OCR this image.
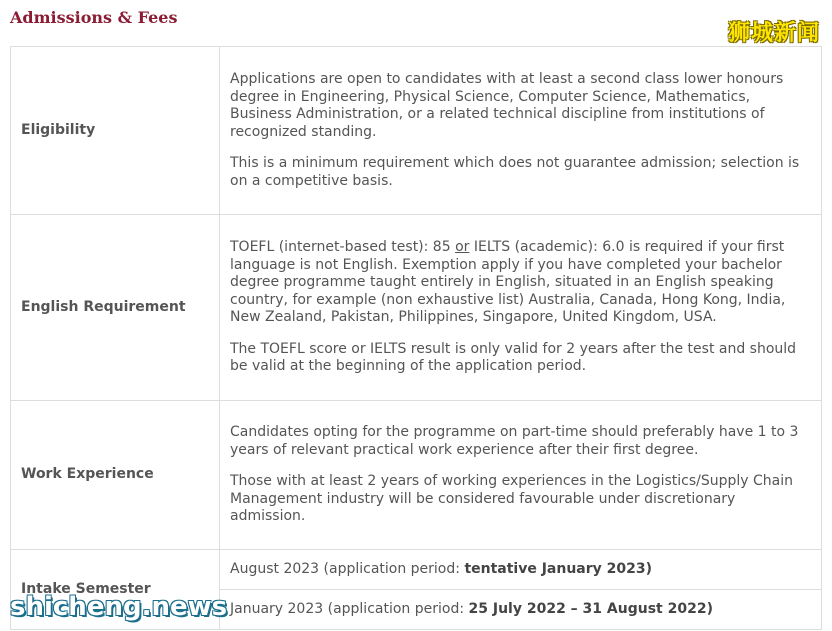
Admissions & Fees
狮城新闻
Eligibility	Applications are open to candidates with at least a second class lower honours degree in Engineering, Physical Science, Computer Science, Mathematics, Business Administration, or a related technical discipline from institutions of recognized standing.

This is a minimum requirement which does not guarantee admission; selection is on a competitive basis.

English Requirement	TOEFL (internet-based test): 85 or IELTS (academic): 6.0 is required if your first language is not English. Exemption apply if you have completed your bachelor degree programme taught entirely in English, situated in an English speaking country, for example (non exhaustive list) Australia, Canada, Hong Kong, India, New Zealand, Pakistan, Philippines, Singapore, United Kingdom, USA.

The TOEFL score or IELTS result is only valid for 2 years after the test and should be valid at the beginning of the application period.

Work Experience	Candidates opting for the programme on part-time should preferably have 1 to 3 years of relevant practical work experience after their first degree.

Those with at least 2 years of working experiences in the Logistics/Supply Chain Management industry will be considered favourable under discretionary admission.

Intake Semester	August 2023 (application period: tentative January 2023)
	January 2023 (application period: 25 July 2022 – 31 August 2022)
shicheng.news
